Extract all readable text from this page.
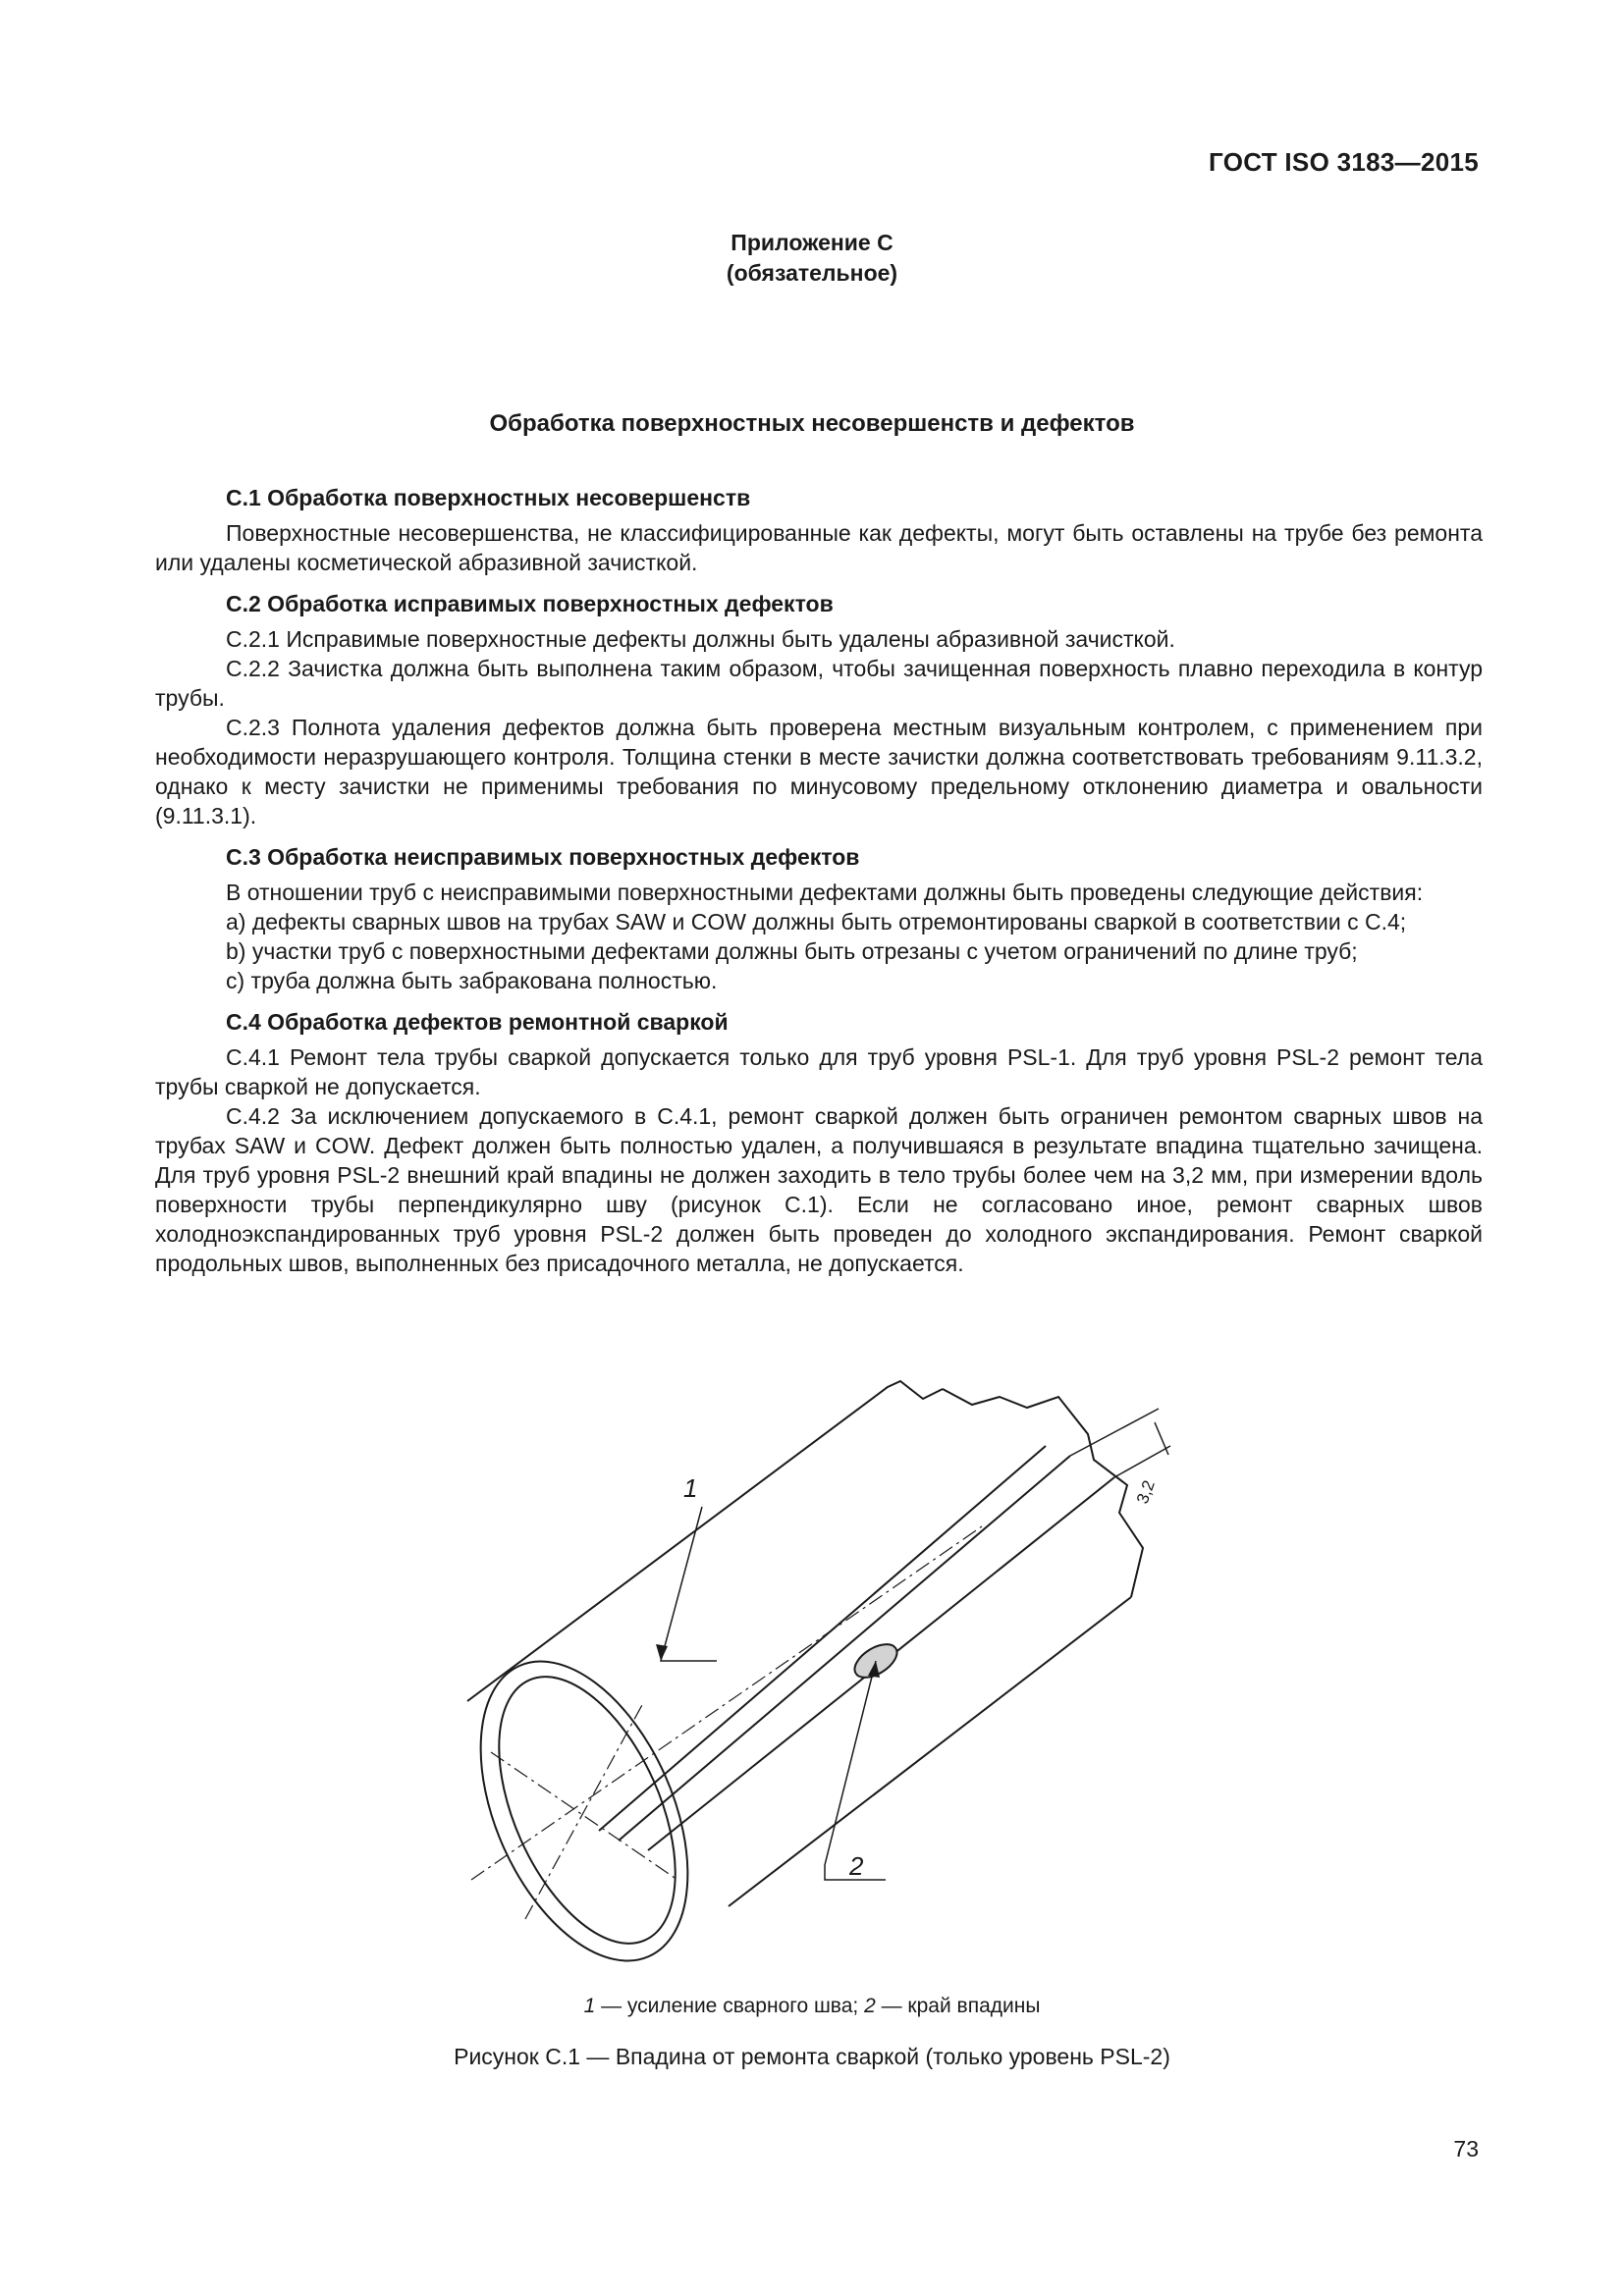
ГОСТ ISO 3183—2015
Приложение C
(обязательное)
Обработка поверхностных несовершенств и дефектов
C.1 Обработка поверхностных несовершенств

Поверхностные несовершенства, не классифицированные как дефекты, могут быть оставлены на трубе без ремонта или удалены косметической абразивной зачисткой.

C.2 Обработка исправимых поверхностных дефектов

C.2.1 Исправимые поверхностные дефекты должны быть удалены абразивной зачисткой.

C.2.2 Зачистка должна быть выполнена таким образом, чтобы зачищенная поверхность плавно переходила в контур трубы.

C.2.3 Полнота удаления дефектов должна быть проверена местным визуальным контролем, с применением при необходимости неразрушающего контроля. Толщина стенки в месте зачистки должна соответствовать требованиям 9.11.3.2, однако к месту зачистки не применимы требования по минусовому предельному отклонению диаметра и овальности (9.11.3.1).

C.3 Обработка неисправимых поверхностных дефектов

В отношении труб с неисправимыми поверхностными дефектами должны быть проведены следующие действия:

a) дефекты сварных швов на трубах SAW и COW должны быть отремонтированы сваркой в соответствии с C.4;

b) участки труб с поверхностными дефектами должны быть отрезаны с учетом ограничений по длине труб;

c) труба должна быть забракована полностью.

C.4 Обработка дефектов ремонтной сваркой

C.4.1 Ремонт тела трубы сваркой допускается только для труб уровня PSL-1. Для труб уровня PSL-2 ремонт тела трубы сваркой не допускается.

C.4.2 За исключением допускаемого в C.4.1, ремонт сваркой должен быть ограничен ремонтом сварных швов на трубах SAW и COW. Дефект должен быть полностью удален, а получившаяся в результате впадина тщательно зачищена. Для труб уровня PSL-2 внешний край впадины не должен заходить в тело трубы более чем на 3,2 мм, при измерении вдоль поверхности трубы перпендикулярно шву (рисунок C.1). Если не согласовано иное, ремонт сварных швов холодноэкспандированных труб уровня PSL-2 должен быть проведен до холодного экспандирования. Ремонт сваркой продольных швов, выполненных без присадочного металла, не допускается.

1
2
3,2
1 — усиление сварного шва; 2 — край впадины
Рисунок C.1 — Впадина от ремонта сваркой (только уровень PSL-2)
73
